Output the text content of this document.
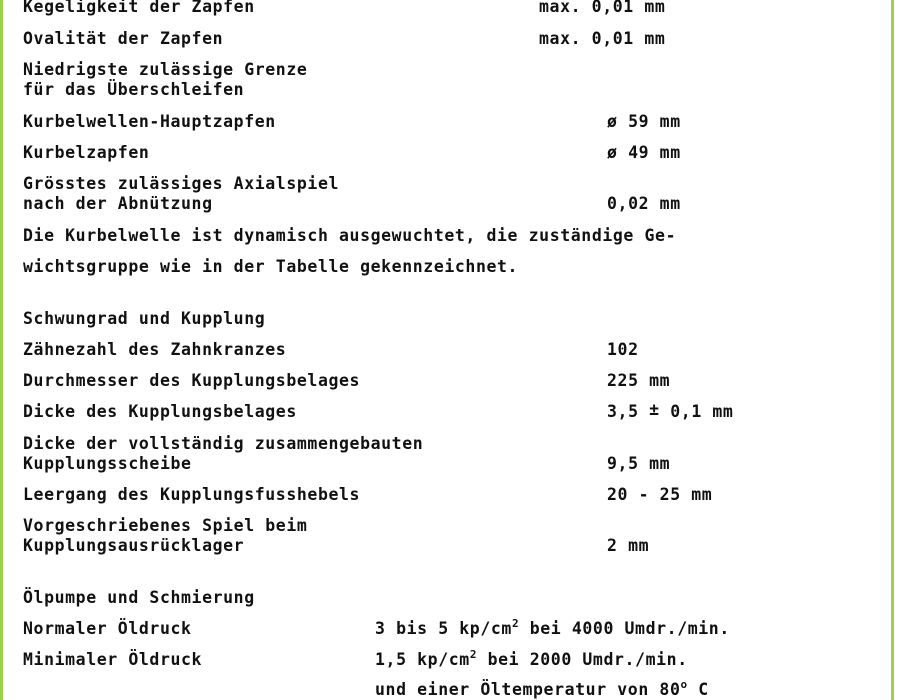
Kegeligkeit der Zapfen	max. 0,01 mm
Ovalität der Zapfen	max. 0,01 mm
Niedrigste zulässige Grenze
für das Überschleifen
Kurbelwellen-Hauptzapfen	ø 59 mm
Kurbelzapfen	ø 49 mm
Grösstes zulässiges Axialspiel
nach der Abnützung	0,02 mm
Die Kurbelwelle ist dynamisch ausgewuchtet, die zuständige Ge-
wichtsgruppe wie in der Tabelle gekennzeichnet.
Schwungrad und Kupplung
Zähnezahl des Zahnkranzes	102
Durchmesser des Kupplungsbelages	225 mm
Dicke des Kupplungsbelages	3,5 ± 0,1 mm
Dicke der vollständig zusammengebauten
Kupplungsscheibe	9,5 mm
Leergang des Kupplungsfusshebels	20 - 25 mm
Vorgeschriebenes Spiel beim
Kupplungsausrücklager	2 mm
Ölpumpe und Schmierung
Normaler Öldruck	3 bis 5 $kp/cm^2$ bei 4000 Umdr./min.
Minimaler Öldruck	1,5 $kp/cm^2$ bei 2000 Umdr./min.
und einer Öltemperatur von 80$^o$ C
